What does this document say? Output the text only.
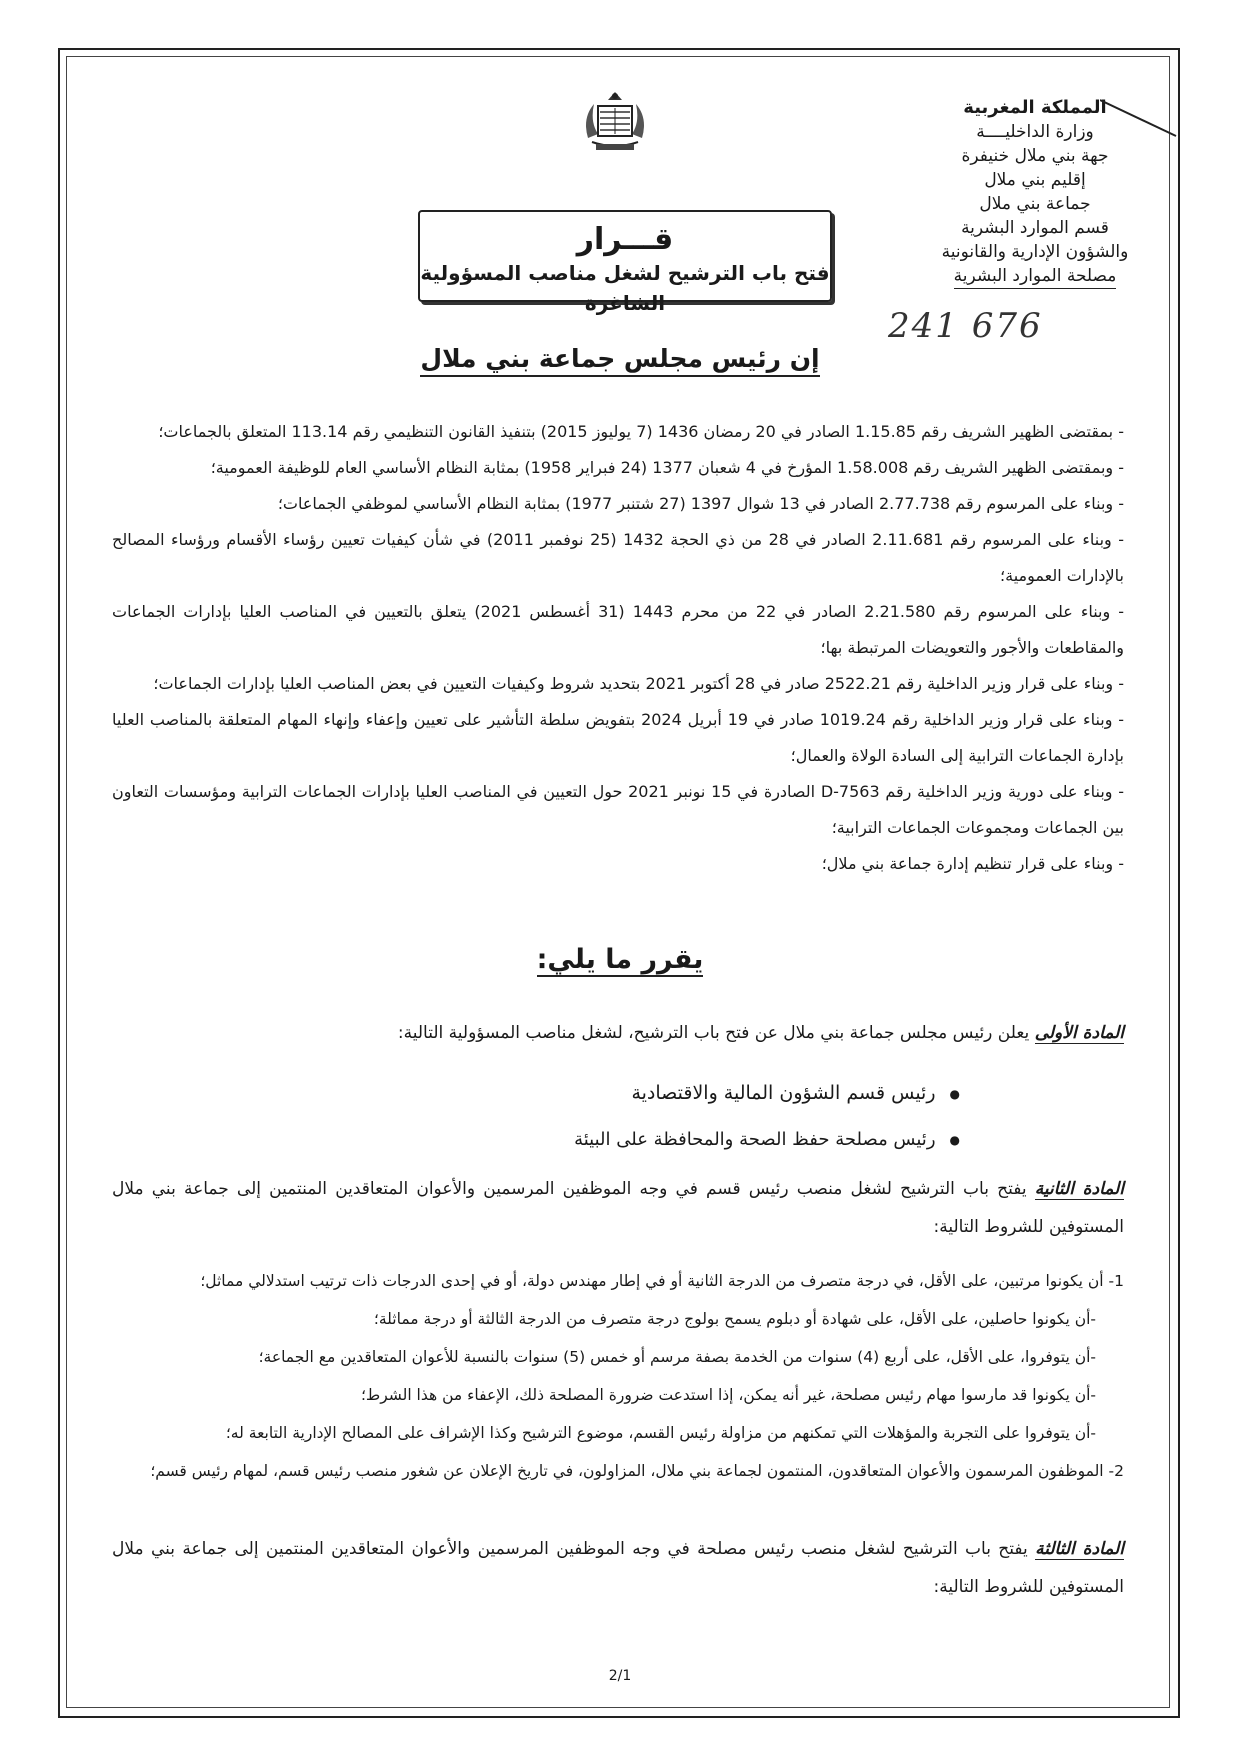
المملكة المغربية
وزارة الداخليــــة
جهة بني ملال خنيفرة
إقليم بني ملال
جماعة بني ملال
قسم الموارد البشرية
والشؤون الإدارية والقانونية
مصلحة الموارد البشرية
241 676
قـــرار
فتح باب الترشيح لشغل مناصب المسؤولية الشاغرة
إن رئيس مجلس جماعة بني ملال

- بمقتضى الظهير الشريف رقم 1.15.85 الصادر في 20 رمضان 1436 (7 يوليوز 2015) بتنفيذ القانون التنظيمي رقم 113.14 المتعلق بالجماعات؛

- وبمقتضى الظهير الشريف رقم 1.58.008 المؤرخ في 4 شعبان 1377 (24 فبراير 1958) بمثابة النظام الأساسي العام للوظيفة العمومية؛

- وبناء على المرسوم رقم 2.77.738 الصادر في 13 شوال 1397 (27 شتنبر 1977) بمثابة النظام الأساسي لموظفي الجماعات؛

- وبناء على المرسوم رقم 2.11.681 الصادر في 28 من ذي الحجة 1432 (25 نوفمبر 2011) في شأن كيفيات تعيين رؤساء الأقسام ورؤساء المصالح بالإدارات العمومية؛

- وبناء على المرسوم رقم 2.21.580 الصادر في 22 من محرم 1443 (31 أغسطس 2021) يتعلق بالتعيين في المناصب العليا بإدارات الجماعات والمقاطعات والأجور والتعويضات المرتبطة بها؛

- وبناء على قرار وزير الداخلية رقم 2522.21 صادر في 28 أكتوبر 2021 بتحديد شروط وكيفيات التعيين في بعض المناصب العليا بإدارات الجماعات؛

- وبناء على قرار وزير الداخلية رقم 1019.24 صادر في 19 أبريل 2024 بتفويض سلطة التأشير على تعيين وإعفاء وإنهاء المهام المتعلقة بالمناصب العليا بإدارة الجماعات الترابية إلى السادة الولاة والعمال؛

- وبناء على دورية وزير الداخلية رقم D-7563 الصادرة في 15 نونبر 2021 حول التعيين في المناصب العليا بإدارات الجماعات الترابية ومؤسسات التعاون بين الجماعات ومجموعات الجماعات الترابية؛

- وبناء على قرار تنظيم إدارة جماعة بني ملال؛

يقرر ما يلي:

المادة الأولى يعلن رئيس مجلس جماعة بني ملال عن فتح باب الترشيح، لشغل مناصب المسؤولية التالية:

● رئيس قسم الشؤون المالية والاقتصادية
● رئيس مصلحة حفظ الصحة والمحافظة على البيئة

المادة الثانية يفتح باب الترشيح لشغل منصب رئيس قسم في وجه الموظفين المرسمين والأعوان المتعاقدين المنتمين إلى جماعة بني ملال المستوفين للشروط التالية:

1- أن يكونوا مرتبين، على الأقل، في درجة متصرف من الدرجة الثانية أو في إطار مهندس دولة، أو في إحدى الدرجات ذات ترتيب استدلالي مماثل؛

-أن يكونوا حاصلين، على الأقل، على شهادة أو دبلوم يسمح بولوج درجة متصرف من الدرجة الثالثة أو درجة مماثلة؛

-أن يتوفروا، على الأقل، على أربع (4) سنوات من الخدمة بصفة مرسم أو خمس (5) سنوات بالنسبة للأعوان المتعاقدين مع الجماعة؛

-أن يكونوا قد مارسوا مهام رئيس مصلحة، غير أنه يمكن، إذا استدعت ضرورة المصلحة ذلك، الإعفاء من هذا الشرط؛

-أن يتوفروا على التجربة والمؤهلات التي تمكنهم من مزاولة رئيس القسم، موضوع الترشيح وكذا الإشراف على المصالح الإدارية التابعة له؛

2- الموظفون المرسمون والأعوان المتعاقدون، المنتمون لجماعة بني ملال، المزاولون، في تاريخ الإعلان عن شغور منصب رئيس قسم، لمهام رئيس قسم؛

المادة الثالثة يفتح باب الترشيح لشغل منصب رئيس مصلحة في وجه الموظفين المرسمين والأعوان المتعاقدين المنتمين إلى جماعة بني ملال المستوفين للشروط التالية:

2/1
